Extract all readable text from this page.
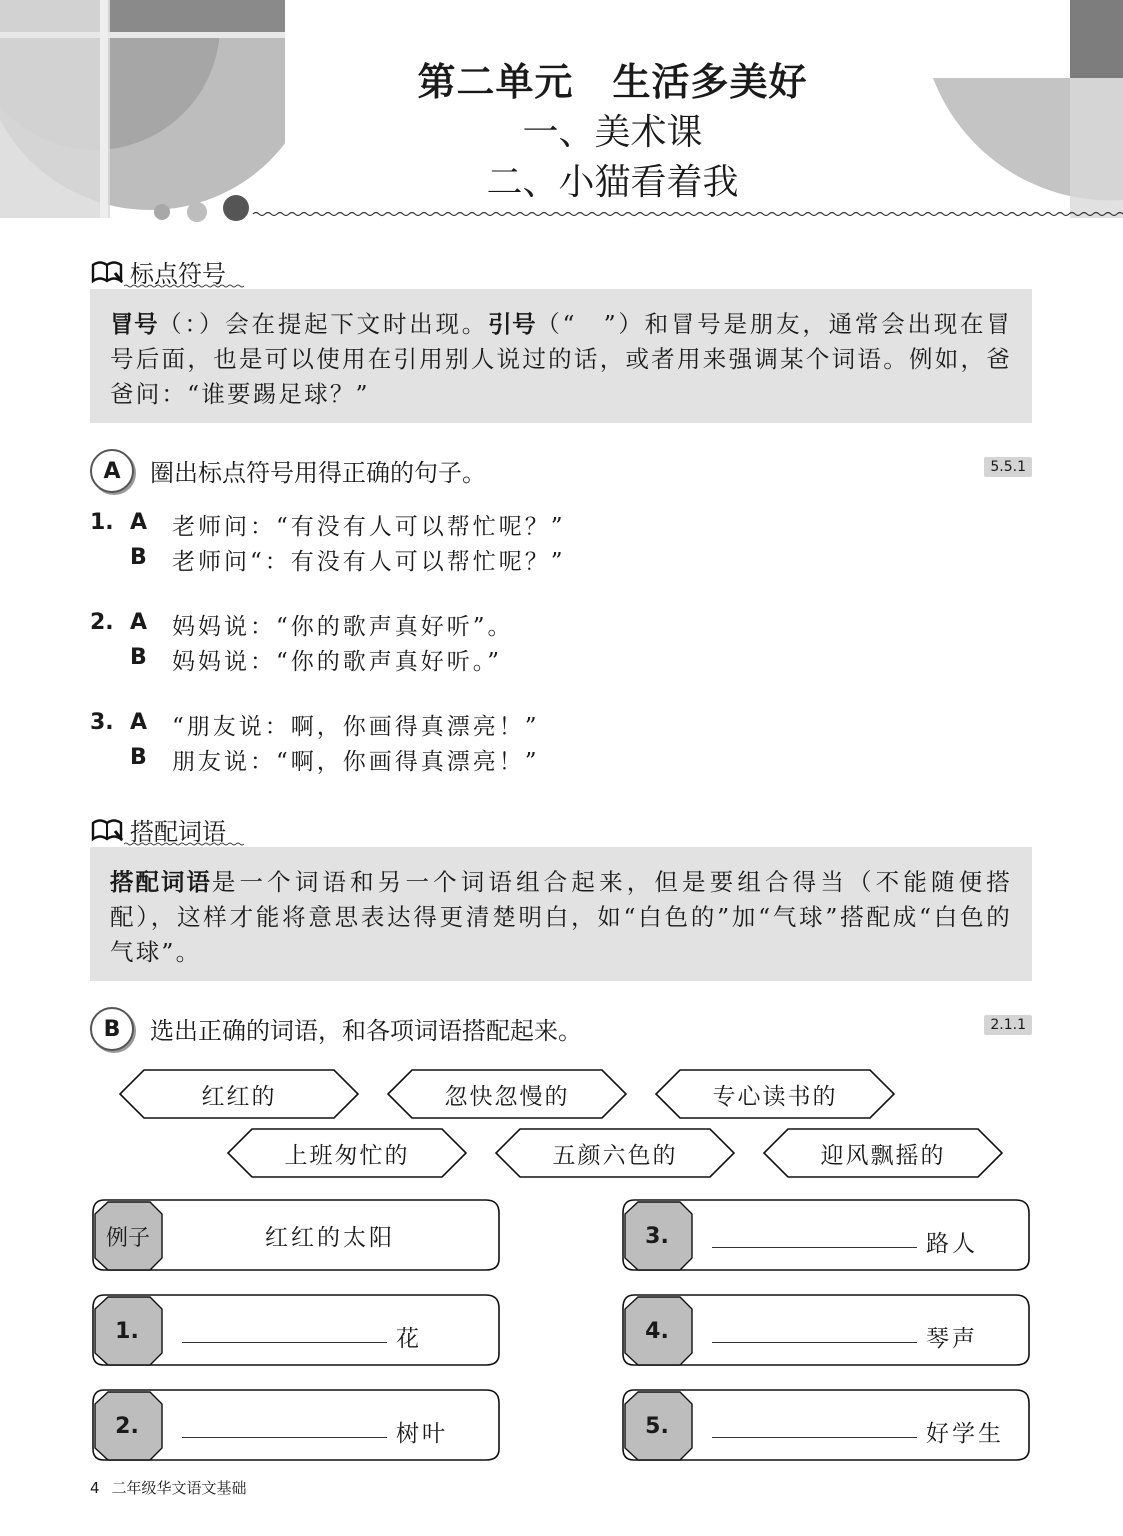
第二单元　生活多美好
一、美术课
二、小猫看着我
标点符号
冒号（：）会在提起下文时出现。引号（“　”）和冒号是朋友，通常会出现在冒号后面，也是可以使用在引用别人说过的话，或者用来强调某个词语。例如，爸爸问：“谁要踢足球？”
A	圈出标点符号用得正确的句子。	5.5.1
1. A 老师问：“有没有人可以帮忙呢？”
B 老师问“：有没有人可以帮忙呢？”
2. A 妈妈说：“你的歌声真好听”。
B 妈妈说：“你的歌声真好听。”
3. A “朋友说：啊，你画得真漂亮！”
B 朋友说：“啊，你画得真漂亮！”
搭配词语
搭配词语是一个词语和另一个词语组合起来，但是要组合得当（不能随便搭配），这样才能将意思表达得更清楚明白，如“白色的”加“气球”搭配成“白色的气球”。
B	选出正确的词语，和各项词语搭配起来。	2.1.1
红红的	忽快忽慢的	专心读书的
上班匆忙的	五颜六色的	迎风飘摇的
例子	红红的太阳
1.	花
2.	树叶
3.	路人
4.	琴声
5.	好学生
4 二年级华文语文基础
